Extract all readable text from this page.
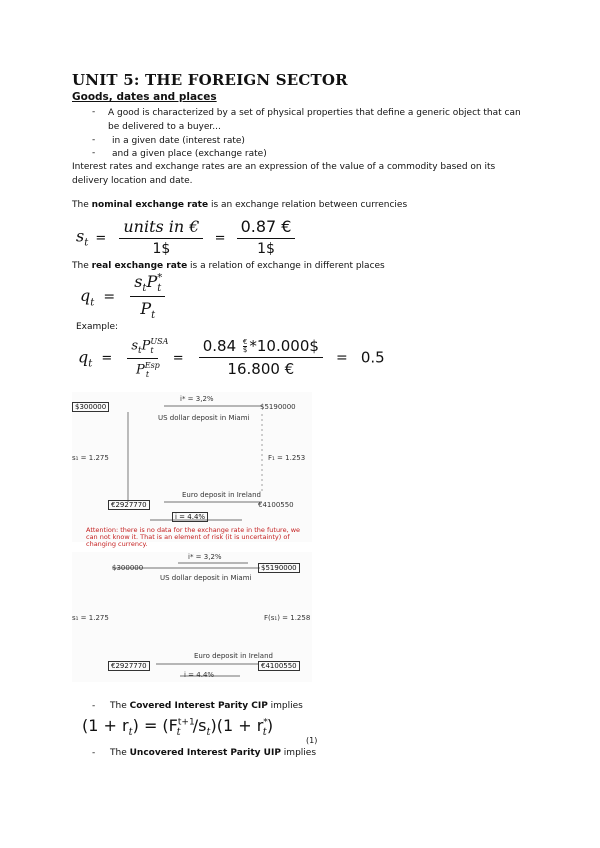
UNIT 5: THE FOREIGN SECTOR
Goods, dates and places
- A good is characterized by a set of physical properties that define a generic object that can be delivered to a buyer...
- in a given date (interest rate)
- and a given place (exchange rate)
Interest rates and exchange rates are an expression of the value of a commodity based on its delivery location and date.
The nominal exchange rate is an exchange relation between currencies
$s_t = \frac{\text{units in €}}{1\$} = \frac{0.87 €}{1\$}$
The real exchange rate is a relation of exchange in different places
$q_t = \frac{s_tP^*_t}{P_t}$
Example:
$q_t = \frac{s_tP^{USA}_t}{P^{Esp}_t} = 0.84$ €
$ *10.000$
16.800 € = 0.5
i* = 3,2%
$300000	$5190000
US dollar deposit in Miami
s₁ = 1.275	F₁ = 1.253
Euro deposit in Ireland
€2927770	€4100550
i = 4.4%
Attention: there is no data for the exchange rate in the future, we can not know it. That is an element of risk (it is uncertainty) of changing currency.
i* = 3,2%
$300000	$5190000
US dollar deposit in Miami
s₁ = 1.275	F(s₁) = 1.258
Euro deposit in Ireland
€2927770	€4100550
i = 4.4%
- The Covered Interest Parity CIP implies
$(1 + r_t) = (F^{t+1}_t$ $/s_t)(1 + r^*_t)$
(1)
- The Uncovered Interest Parity UIP implies
